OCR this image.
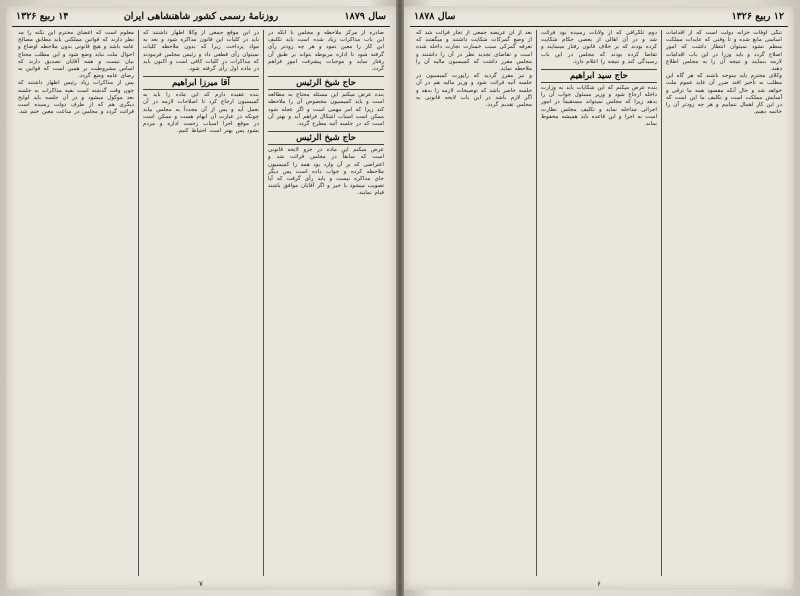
۱۴ ربیع ۱۳۲۶	روزنامهٔ رسمی کشور شاهنشاهی ایران	سال ۱۸۷۹

صادره از مرکز ملاحظه و مجلس با آنکه در این باب مذاکرات زیاد شده است باید تکلیف این کار را معین نمود و هر چه زودتر رأی گرفته شود تا اداره مربوطه بتواند بر طبق آن رفتار نماید و موجبات پیشرفت امور فراهم گردد.

حاج شیخ الرئیس

بنده عرض میکنم این مسئله محتاج به مطالعه است و باید کمیسیون مخصوص آن را ملاحظه کند زیرا که امر مهمی است و اگر عجله شود ممکن است اسباب اشکال فراهم آید و بهتر آن است که در جلسه آتیه مطرح گردد.

حاج شیخ الرئیس

عرض میکنم این ماده در جزو لایحه قانونی است که سابقاً در مجلس قرائت شد و اعتراضی که بر آن وارد بود همه را کمیسیون ملاحظه کرده و جواب داده است پس دیگر جای مذاکره نیست و باید رأی گرفت که آیا تصویب میشود یا خیر و اگر آقایان موافق باشند قیام نمایند.

در این موقع جمعی از وکلا اظهار داشتند که باید در کلیات این قانون مذاکره شود و بعد به مواد پرداخت زیرا که بدون ملاحظه کلیات نمیتوان رأی قطعی داد و رئیس مجلس فرمودند که مذاکرات در کلیات کافی است و اکنون باید در ماده اول رأی گرفته شود.

آقا میرزا ابراهیم

بنده عقیده دارم که این ماده را باید به کمیسیون ارجاع کرد تا اصلاحات لازمه در آن بعمل آید و پس از آن مجدداً به مجلس بیاید چونکه در عبارت آن ابهام هست و ممکن است در موقع اجرا اسباب زحمت اداره و مردم بشود پس بهتر است احتیاط کنیم.

معلوم است که اعضای محترم این نکته را مد نظر دارند که قوانین مملکتی باید مطابق مصالح عامه باشد و هیچ قانونی بدون ملاحظه اوضاع و احوال ملت نباید وضع شود و این مطلب محتاج بیان نیست و همه آقایان تصدیق دارند که اساس مشروطیت بر همین است که قوانین به رضای عامه وضع گردد.

پس از مذاکرات زیاد رئیس اظهار داشتند که چون وقت گذشته است بقیه مذاکرات به جلسه بعد موکول میشود و در آن جلسه باید لوایح دیگری هم که از طرف دولت رسیده است قرائت گردد و مجلس در ساعت معین ختم شد.

۷
۱۲ ربیع ۱۳۲۶
سال ۱۸۷۸

تنگی اوقات خزانه دولت است که از اقدامات اساسی مانع شده و تا وقتی که عایدات مملکت منظم نشود نمیتوان انتظار داشت که امور اصلاح گردد و باید وزرا در این باب اقدامات لازمه بنمایند و نتیجه آن را به مجلس اطلاع دهند.

وکلای محترم باید متوجه باشند که هر گاه این مطلب به تأخیر افتد ضرر آن عاید عموم ملت خواهد شد و حال آنکه مقصود همه ما ترقی و آسایش مملکت است و تکلیف ما این است که در این کار اهمال ننماییم و هر چه زودتر آن را خاتمه دهیم.

دوم تلگرافی که از ولایات رسیده بود قرائت شد و در آن اهالی از بعضی حکام شکایت کرده بودند که بر خلاف قانون رفتار مینمایند و تقاضا کرده بودند که مجلس در این باب رسیدگی کند و نتیجه را اعلام دارد.

حاج سید ابراهیم

بنده عرض میکنم که این شکایات باید به وزارت داخله ارجاع شود و وزیر مسئول جواب آن را بدهد زیرا که مجلس نمیتواند مستقیماً در امور اجرائی مداخله نماید و تکلیف مجلس نظارت است نه اجرا و این قاعده باید همیشه محفوظ بماند.

بعد از آن عریضه جمعی از تجار قرائت شد که از وضع گمرکات شکایت داشتند و میگفتند که تعرفه گمرکی سبب خسارت تجارت داخله شده است و تقاضای تجدید نظر در آن را داشتند و مجلس مقرر داشت که کمیسیون مالیه آن را ملاحظه نماید.

و نیز مقرر گردید که راپورت کمیسیون در جلسه آتیه قرائت شود و وزیر مالیه هم در آن جلسه حاضر باشد که توضیحات لازمه را بدهد و اگر لازم باشد در این باب لایحه قانونی به مجلس تقدیم گردد.

۶
